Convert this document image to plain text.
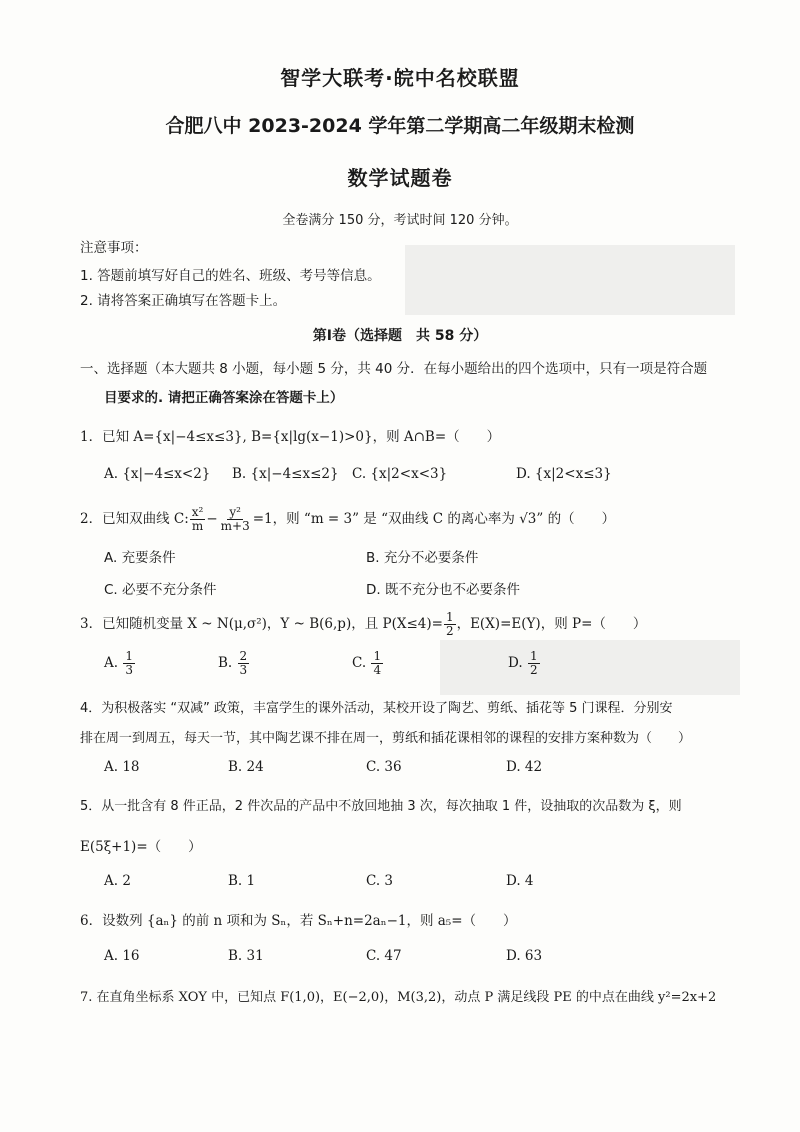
智学大联考·皖中名校联盟
合肥八中 2023-2024 学年第二学期高二年级期末检测
数学试题卷
全卷满分 150 分，考试时间 120 分钟。
注意事项：
1. 答题前填写好自己的姓名、班级、考号等信息。
2. 请将答案正确填写在答题卡上。
第Ⅰ卷（选择题　共 58 分）
一、选择题（本大题共 8 小题，每小题 5 分，共 40 分．在每小题给出的四个选项中，只有一项是符合题
目要求的. 请把正确答案涂在答题卡上）
1．已知 A={x|−4≤x≤3}, B={x|lg(x−1)>0}，则 A∩B=（　　）
A. {x|−4≤x<2} B. {x|−4≤x≤2} C. {x|2<x<3}	D. {x|2<x≤3}
2．已知双曲线 C: $\frac{\text{x²}}{m} - \frac{\text{y²}}{m+3} =1$，则 “m = 3” 是 “双曲线 C 的离心率为 √3” 的（　　）
A. 充要条件	B. 充分不必要条件
C. 必要不充分条件	D. 既不充分也不必要条件
3．已知随机变量 X ~ N(μ,σ²)，Y ~ B(6,p)，且 $P(X\le 4)= \frac{1}{2}$ ，E(X)=E(Y)，则 P=（　　）
A. $\frac{1}{3}$	B. $\frac{2}{3}$	C. $\frac{1}{4}$	D. $\frac{1}{2}$
4．为积极落实 “双减” 政策，丰富学生的课外活动，某校开设了陶艺、剪纸、插花等 5 门课程．分别安
排在周一到周五，每天一节，其中陶艺课不排在周一，剪纸和插花课相邻的课程的安排方案种数为（　　）
A. 18	B. 24	C. 36	D. 42
5．从一批含有 8 件正品，2 件次品的产品中不放回地抽 3 次，每次抽取 1 件，设抽取的次品数为 ξ，则
E(5ξ+1)=（　　）
A. 2	B. 1	C. 3	D. 4
6．设数列 {aₙ} 的前 n 项和为 Sₙ，若 Sₙ+n=2aₙ−1，则 a₅=（　　）
A. 16	B. 31	C. 47	D. 63
7. 在直角坐标系 XOY 中，已知点 F(1,0)，E(−2,0)，M(3,2)，动点 P 满足线段 PE 的中点在曲线 y²=2x+2
